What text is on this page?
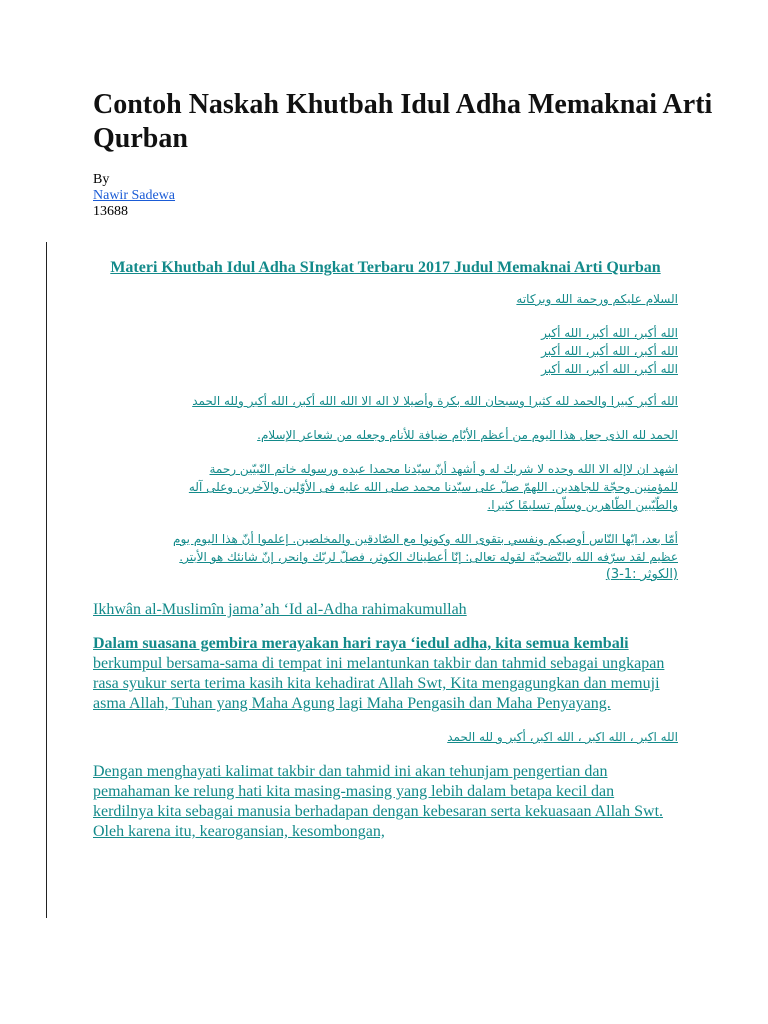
Contoh Naskah Khutbah Idul Adha Memaknai Arti Qurban
By
Nawir Sadewa
13688

Materi Khutbah Idul Adha SIngkat Terbaru 2017 Judul Memaknai Arti Qurban

السلام عليكم ورحمة الله وبركاته

الله أكبر، الله أكبر، الله أكبر

الله أكبر، الله أكبر، الله أكبر

الله أكبر، الله أكبر، الله أكبر

الله أكبر كبيرا والحمد لله كثيرا وسبحان الله بكرة وأصيلا لا اله الا الله الله أكبر، الله أكبر ولله الحمد

الحمد لله الذى جعل هذا اليوم من أعظم الأيّام ضيافة للأنام وجعله من شعاعر الإسلام.

اشهد ان لاإله الا الله وحده لا شريك له و أشهد أنّ سيّدنا محمدا عبده ورسوله خاتم النّبيّين رحمة

للمؤمنين وحجّة للجاهدين. اللهمّ صلّ على سيّدنا محمد صلى الله عليه فى الأوّلين والآخرين وعلى آله

والطّيّبين الطّاهرين وسلّم تسليمًا كثيرا.

أمّا بعد، ايّها النّاس أوصيكم ونفسي بتقوى الله وكونوا مع الصّادقين والمخلصين. إعلموا أنّ هذا اليوم يوم

عظيم لقد سرّفه الله بالتّضحيّة لقوله تعالى: إنّا أعطيناك الكوثر، فصلّ لربّك وانحر، إنّ شانئك هو الأبتر.

(الكوثر :1-3)

Ikhwân al-Muslimîn jama’ah ‘Id al-Adha rahimakumullah

Dalam suasana gembira merayakan hari raya ‘iedul adha, kita semua kembali berkumpul bersama-sama di tempat ini melantunkan takbir dan tahmid sebagai ungkapan rasa syukur serta terima kasih kita kehadirat Allah Swt, Kita mengagungkan dan memuji asma Allah, Tuhan yang Maha Agung lagi Maha Pengasih dan Maha Penyayang.

الله اكبر ، الله اكبر ، الله اكبر، أكبر و لله الحمد

Dengan menghayati kalimat takbir dan tahmid ini akan tehunjam pengertian dan pemahaman ke relung hati kita masing-masing yang lebih dalam betapa kecil dan kerdilnya kita sebagai manusia berhadapan dengan kebesaran serta kekuasaan Allah Swt. Oleh karena itu, kearogansian, kesombongan,
